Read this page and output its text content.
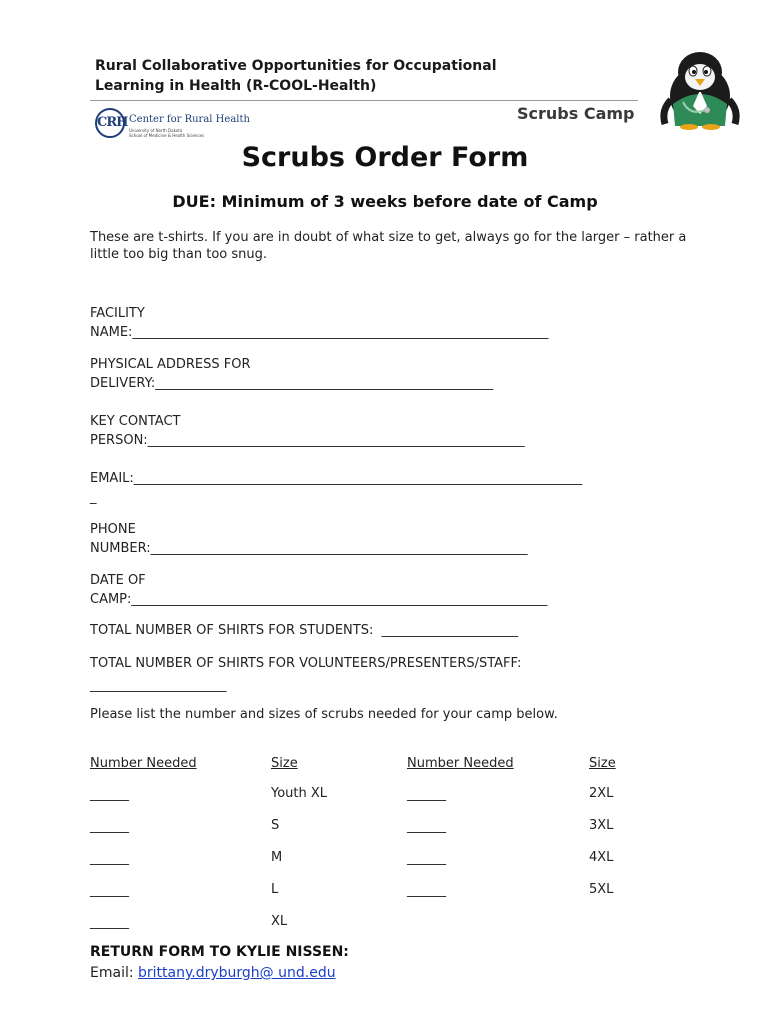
Rural Collaborative Opportunities for Occupational
Learning in Health (R-COOL-Health)
Scrubs Camp
CRH Center for Rural Health
University of North Dakota
School of Medicine & Health Sciences
Scrubs Order Form
DUE: Minimum of 3 weeks before date of Camp
These are t-shirts. If you are in doubt of what size to get, always go for the larger – rather a little too big than too snug.
FACILITY
NAME:________________________________________________________________
PHYSICAL ADDRESS FOR
DELIVERY:____________________________________________________
KEY CONTACT
PERSON:__________________________________________________________
EMAIL:_____________________________________________________________________
_
PHONE
NUMBER:__________________________________________________________
DATE OF
CAMP:________________________________________________________________
TOTAL NUMBER OF SHIRTS FOR STUDENTS:  _____________________
TOTAL NUMBER OF SHIRTS FOR VOLUNTEERS/PRESENTERS/STAFF:
_____________________
Please list the number and sizes of scrubs needed for your camp below.
Number Needed	Size	Number Needed	Size
______	Youth XL	______	2XL
______	S	______	3XL
______	M	______	4XL
______	L	______	5XL
______	XL
RETURN FORM TO KYLIE NISSEN:
Email: brittany.dryburgh@ und.edu
